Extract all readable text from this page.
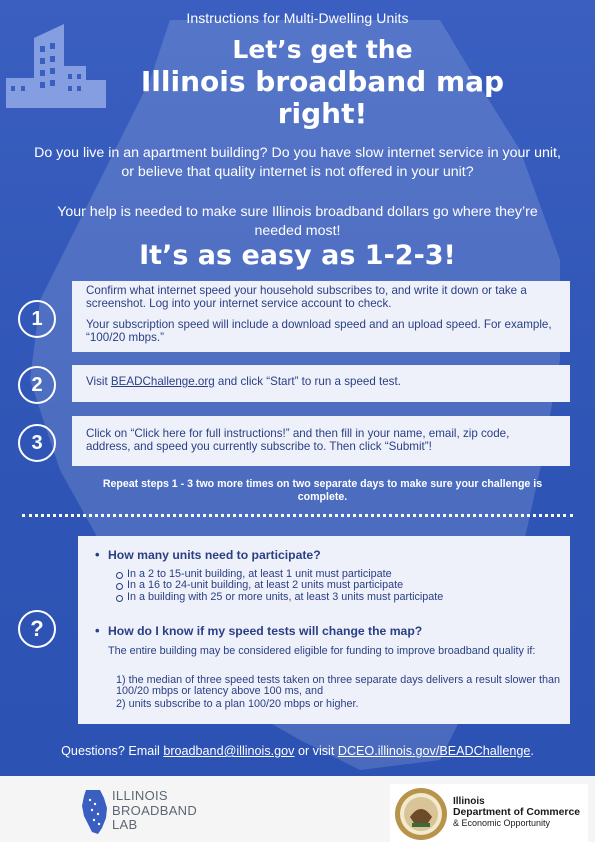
Instructions for Multi-Dwelling Units
Let’s get the
Illinois broadband map
right!
Do you live in an apartment building? Do you have slow internet service in your unit, or believe that quality internet is not offered in your unit?
Your help is needed to make sure Illinois broadband dollars go where they’re needed most!
It’s as easy as 1-2-3!
1

Confirm what internet speed your household subscribes to, and write it down or take a screenshot. Log into your internet service account to check.

Your subscription speed will include a download speed and an upload speed. For example, “100/20 mbps.”

2	Visit BEADChallenge.org and click “Start” to run a speed test.
3	Click on “Click here for full instructions!” and then fill in your name, email, zip code, address, and speed you currently subscribe to. Then click “Submit”!

Repeat steps 1 - 3 two more times on two separate days to make sure your challenge is complete.
?
• How many units need to participate?
In a 2 to 15-unit building, at least 1 unit must participate
In a 16 to 24-unit building, at least 2 units must participate
In a building with 25 or more units, at least 3 units must participate
• How do I know if my speed tests will change the map?
The entire building may be considered eligible for funding to improve broadband quality if:
1) the median of three speed tests taken on three separate days delivers a result slower than 100/20 mbps or latency above 100 ms, and
2) units subscribe to a plan 100/20 mbps or higher.
Questions? Email broadband@illinois.gov or visit DCEO.illinois.gov/BEADChallenge.
ILLINOIS
BROADBAND
LAB
Illinois
Department of Commerce
& Economic Opportunity
